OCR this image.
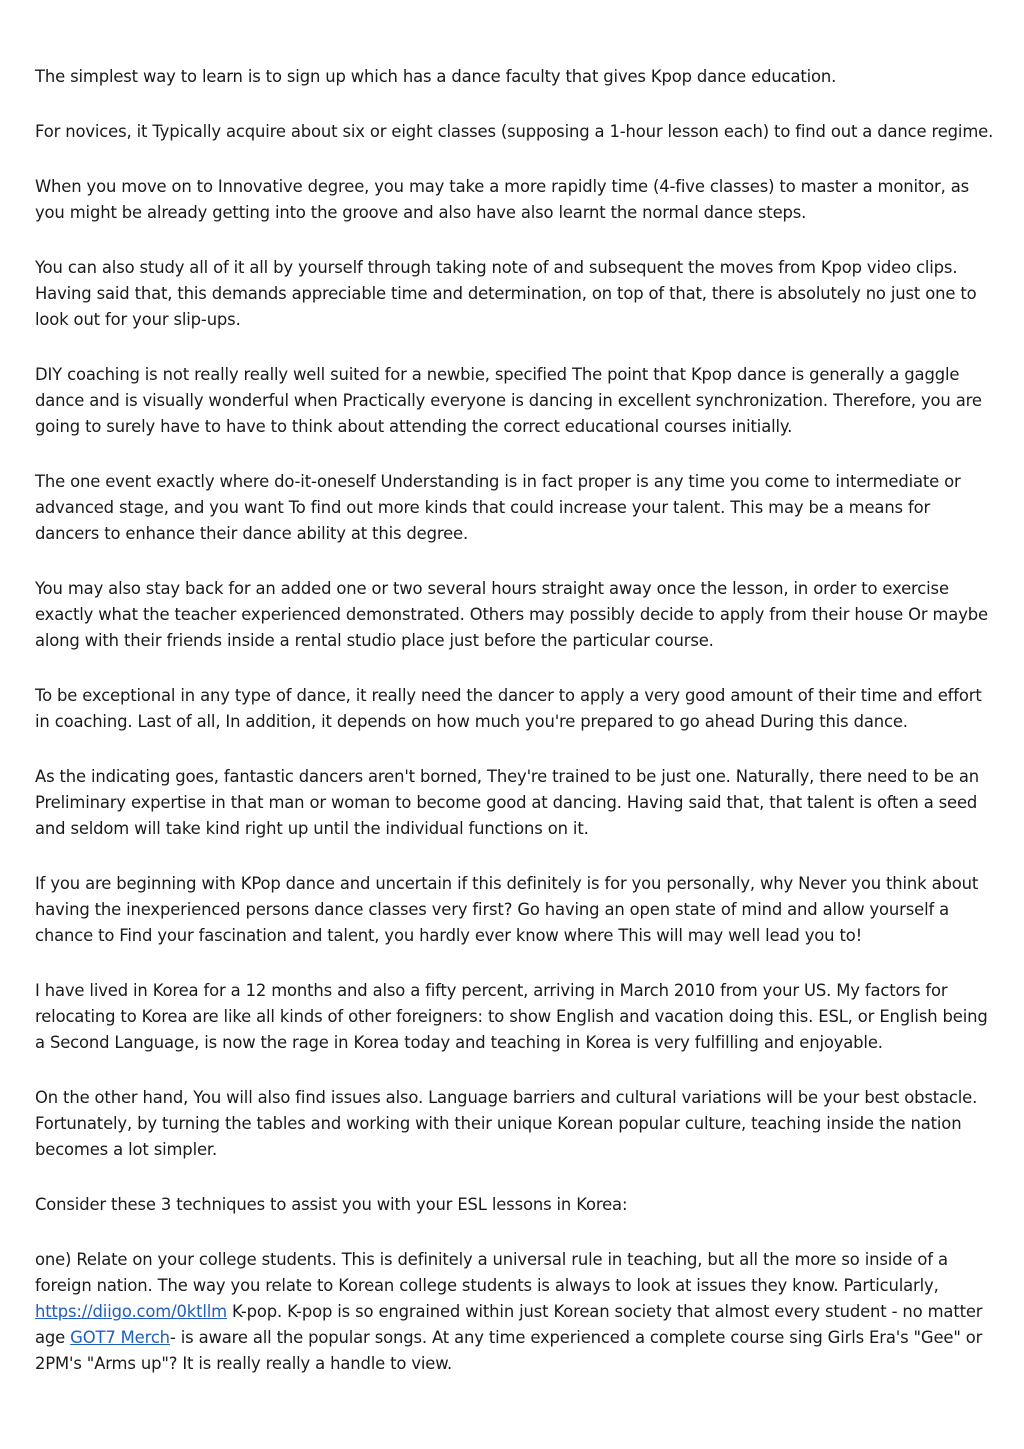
The simplest way to learn is to sign up which has a dance faculty that gives Kpop dance education.

For novices, it Typically acquire about six or eight classes (supposing a 1-hour lesson each) to find out a dance regime.

When you move on to Innovative degree, you may take a more rapidly time (4-five classes) to master a monitor, as you might be already getting into the groove and also have also learnt the normal dance steps.

You can also study all of it all by yourself through taking note of and subsequent the moves from Kpop video clips. Having said that, this demands appreciable time and determination, on top of that, there is absolutely no just one to look out for your slip-ups.

DIY coaching is not really really well suited for a newbie, specified The point that Kpop dance is generally a gaggle dance and is visually wonderful when Practically everyone is dancing in excellent synchronization. Therefore, you are going to surely have to have to think about attending the correct educational courses initially.

The one event exactly where do-it-oneself Understanding is in fact proper is any time you come to intermediate or advanced stage, and you want To find out more kinds that could increase your talent. This may be a means for dancers to enhance their dance ability at this degree.

You may also stay back for an added one or two several hours straight away once the lesson, in order to exercise exactly what the teacher experienced demonstrated. Others may possibly decide to apply from their house Or maybe along with their friends inside a rental studio place just before the particular course.

To be exceptional in any type of dance, it really need the dancer to apply a very good amount of their time and effort in coaching. Last of all, In addition, it depends on how much you're prepared to go ahead During this dance.

As the indicating goes, fantastic dancers aren't borned, They're trained to be just one. Naturally, there need to be an Preliminary expertise in that man or woman to become good at dancing. Having said that, that talent is often a seed and seldom will take kind right up until the individual functions on it.

If you are beginning with KPop dance and uncertain if this definitely is for you personally, why Never you think about having the inexperienced persons dance classes very first? Go having an open state of mind and allow yourself a chance to Find your fascination and talent, you hardly ever know where This will may well lead you to!

I have lived in Korea for a 12 months and also a fifty percent, arriving in March 2010 from your US. My factors for relocating to Korea are like all kinds of other foreigners: to show English and vacation doing this. ESL, or English being a Second Language, is now the rage in Korea today and teaching in Korea is very fulfilling and enjoyable.

On the other hand, You will also find issues also. Language barriers and cultural variations will be your best obstacle. Fortunately, by turning the tables and working with their unique Korean popular culture, teaching inside the nation becomes a lot simpler.

Consider these 3 techniques to assist you with your ESL lessons in Korea:

one) Relate on your college students. This is definitely a universal rule in teaching, but all the more so inside of a foreign nation. The way you relate to Korean college students is always to look at issues they know. Particularly, https://diigo.com/0ktllm K-pop. K-pop is so engrained within just Korean society that almost every student - no matter age GOT7 Merch- is aware all the popular songs. At any time experienced a complete course sing Girls Era's "Gee" or 2PM's "Arms up"? It is really really a handle to view.
